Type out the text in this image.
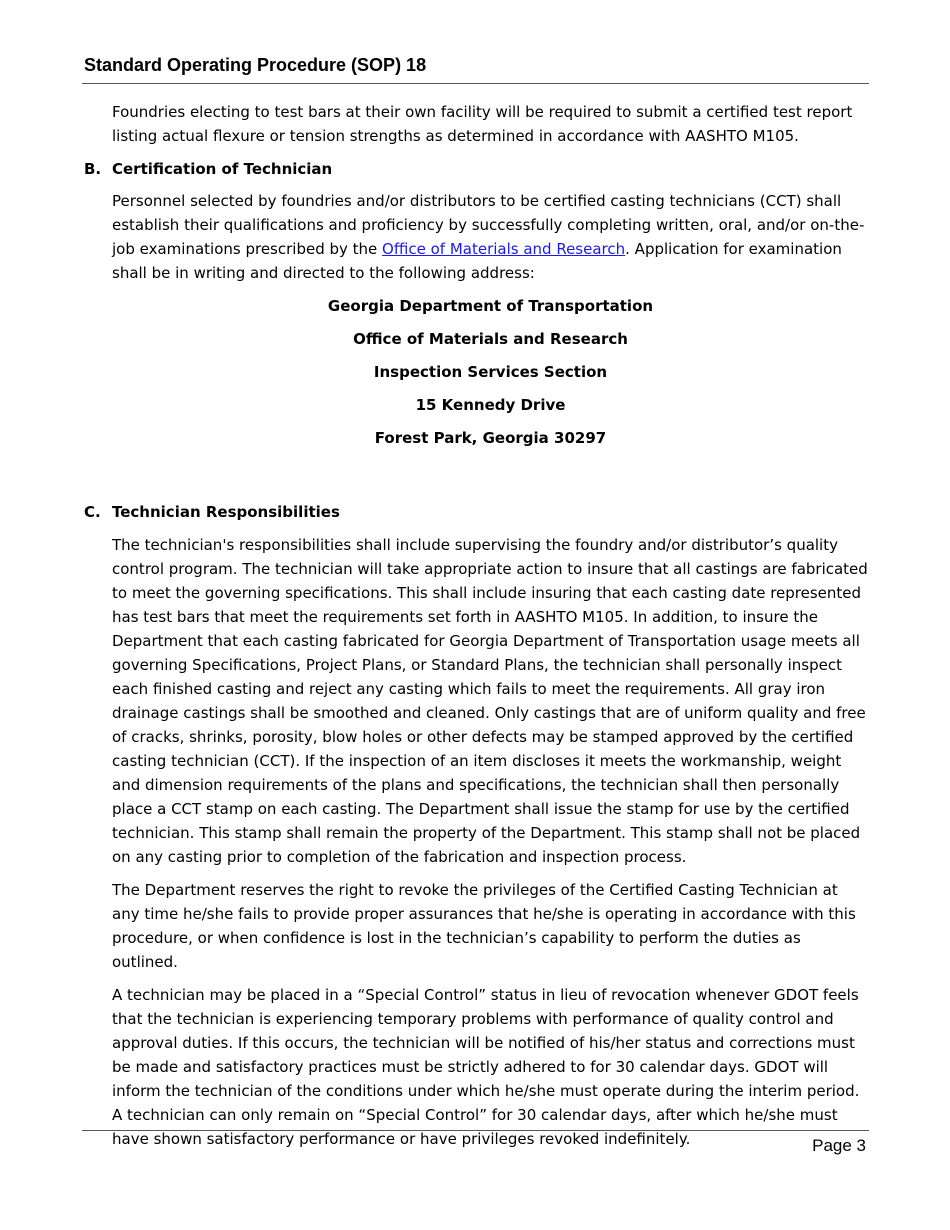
Standard Operating Procedure (SOP) 18

Foundries electing to test bars at their own facility will be required to submit a certified test report listing actual flexure or tension strengths as determined in accordance with AASHTO M105.

B. Certification of Technician

Personnel selected by foundries and/or distributors to be certified casting technicians (CCT) shall establish their qualifications and proficiency by successfully completing written, oral, and/or on-the-job examinations prescribed by the Office of Materials and Research. Application for examination shall be in writing and directed to the following address:

Georgia Department of Transportation

Office of Materials and Research

Inspection Services Section

15 Kennedy Drive

Forest Park, Georgia 30297

C. Technician Responsibilities

The technician's responsibilities shall include supervising the foundry and/or distributor’s quality control program. The technician will take appropriate action to insure that all castings are fabricated to meet the governing specifications. This shall include insuring that each casting date represented has test bars that meet the requirements set forth in AASHTO M105. In addition, to insure the Department that each casting fabricated for Georgia Department of Transportation usage meets all governing Specifications, Project Plans, or Standard Plans, the technician shall personally inspect each finished casting and reject any casting which fails to meet the requirements. All gray iron drainage castings shall be smoothed and cleaned. Only castings that are of uniform quality and free of cracks, shrinks, porosity, blow holes or other defects may be stamped approved by the certified casting technician (CCT). If the inspection of an item discloses it meets the workmanship, weight and dimension requirements of the plans and specifications, the technician shall then personally place a CCT stamp on each casting. The Department shall issue the stamp for use by the certified technician. This stamp shall remain the property of the Department. This stamp shall not be placed on any casting prior to completion of the fabrication and inspection process.

The Department reserves the right to revoke the privileges of the Certified Casting Technician at any time he/she fails to provide proper assurances that he/she is operating in accordance with this procedure, or when confidence is lost in the technician’s capability to perform the duties as outlined.

A technician may be placed in a “Special Control” status in lieu of revocation whenever GDOT feels that the technician is experiencing temporary problems with performance of quality control and approval duties. If this occurs, the technician will be notified of his/her status and corrections must be made and satisfactory practices must be strictly adhered to for 30 calendar days. GDOT will inform the technician of the conditions under which he/she must operate during the interim period. A technician can only remain on “Special Control” for 30 calendar days, after which he/she must have shown satisfactory performance or have privileges revoked indefinitely.	Page 3
